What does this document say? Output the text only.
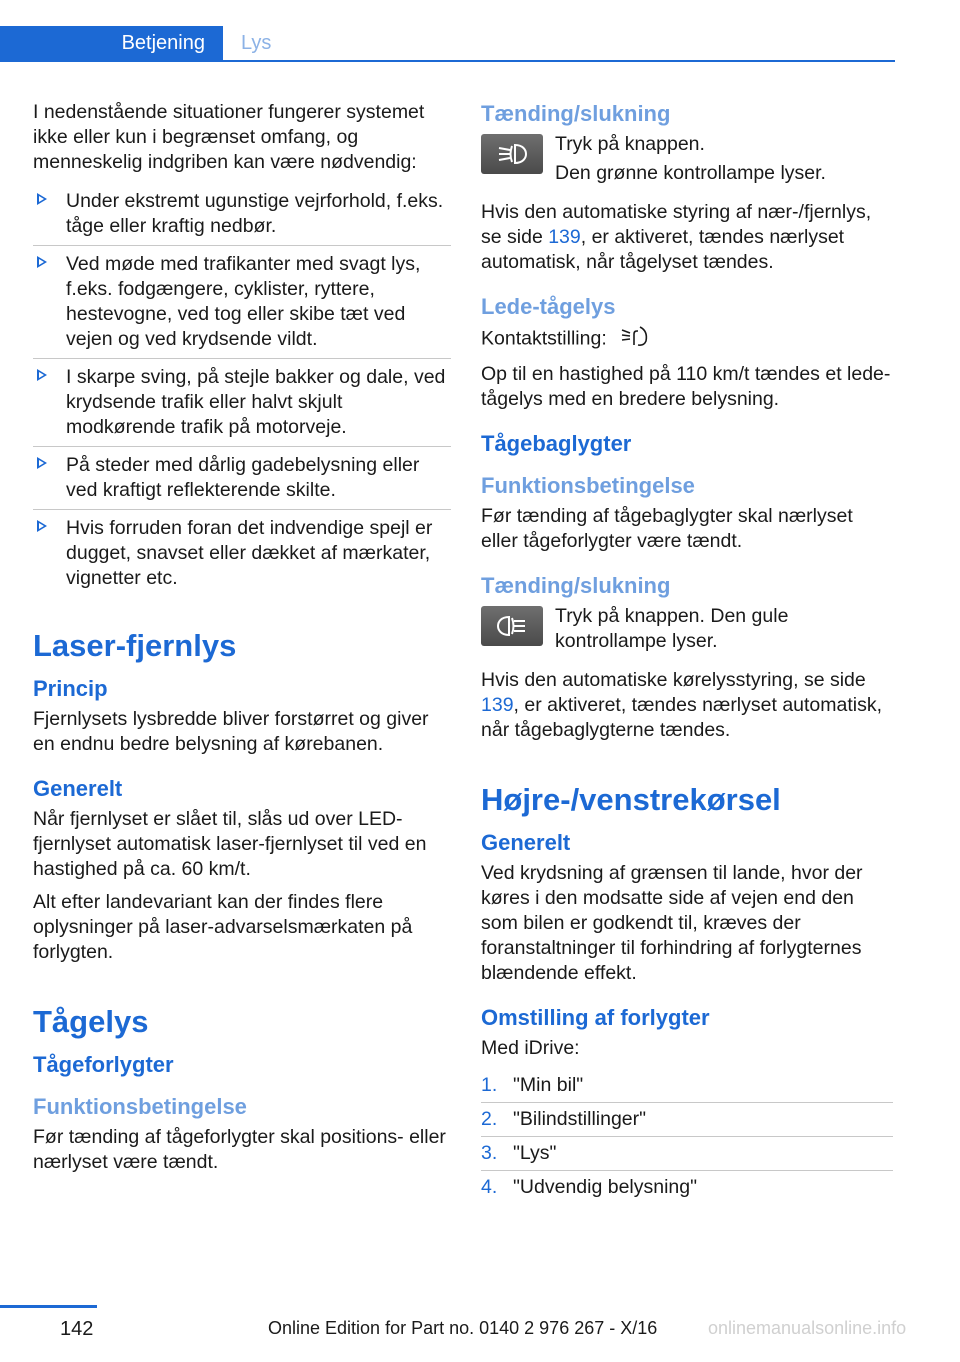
Betjening Lys

I nedenstående situationer fungerer systemet ikke eller kun i begrænset omfang, og menneskelig indgriben kan være nødvendig:

Under ekstremt ugunstige vejrforhold, f.eks. tåge eller kraftig nedbør.
Ved møde med trafikanter med svagt lys, f.eks. fodgængere, cyklister, ryttere, hestevogne, ved tog eller skibe tæt ved vejen og ved krydsende vildt.
I skarpe sving, på stejle bakker og dale, ved krydsende trafik eller halvt skjult modkørende trafik på motorveje.
På steder med dårlig gadebelysning eller ved kraftigt reflekterende skilte.
Hvis forruden foran det indvendige spejl er dugget, snavset eller dækket af mærkater, vignetter etc.
Laser-fjernlys
Princip

Fjernlysets lysbredde bliver forstørret og giver en endnu bedre belysning af kørebanen.

Generelt

Når fjernlyset er slået til, slås ud over LED-fjernlyset automatisk laser-fjernlyset til ved en hastighed på ca. 60 km/t.

Alt efter landevariant kan der findes flere oplysninger på laser-advarselsmærkaten på forlygten.

Tågelys
Tågeforlygter
Funktionsbetingelse

Før tænding af tågeforlygter skal positions- eller nærlyset være tændt.

Tænding/slukning

Tryk på knappen.

Den grønne kontrollampe lyser.

Hvis den automatiske styring af nær-/fjernlys, se side 139, er aktiveret, tændes nærlyset automatisk, når tågelyset tændes.

Lede-tågelys

Kontaktstilling:

Op til en hastighed på 110 km/t tændes et lede-tågelys med en bredere belysning.

Tågebaglygter
Funktionsbetingelse

Før tænding af tågebaglygter skal nærlyset eller tågeforlygter være tændt.

Tænding/slukning

Tryk på knappen. Den gule kontrollampe lyser.

Hvis den automatiske kørelysstyring, se side 139, er aktiveret, tændes nærlyset automatisk, når tågebaglygterne tændes.

Højre-/venstrekørsel
Generelt

Ved krydsning af grænsen til lande, hvor der køres i den modsatte side af vejen end den som bilen er godkendt til, kræves der foranstaltninger til forhindring af forlygternes blændende effekt.

Omstilling af forlygter

Med iDrive:

1. "Min bil"
2. "Bilindstillinger"
3. "Lys"
4. "Udvendig belysning"
142	Online Edition for Part no. 0140 2 976 267 - X/16	onlinemanualsonline.info
